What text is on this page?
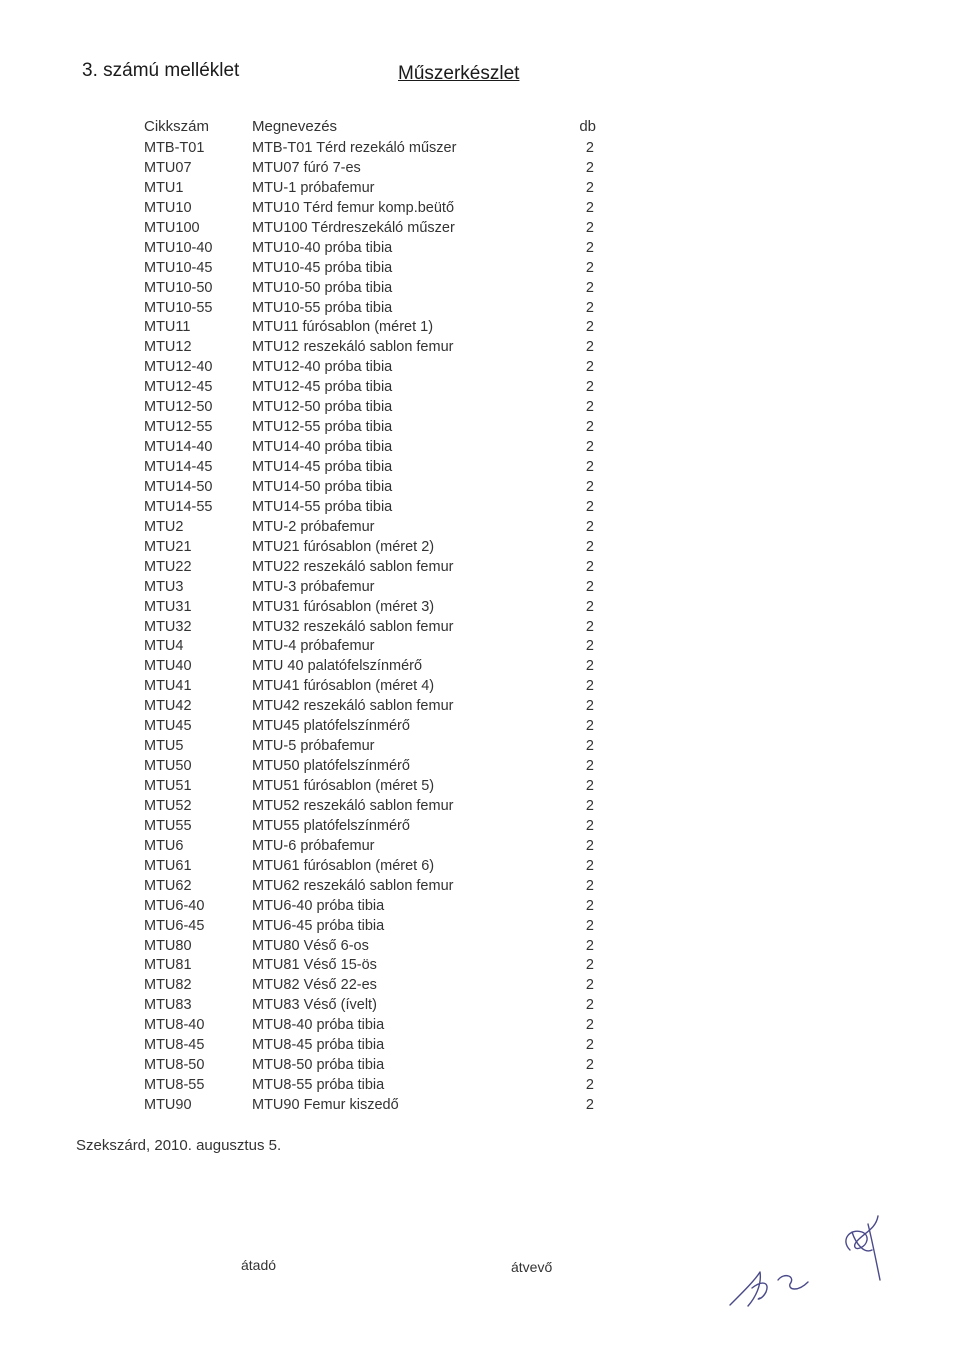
3. számú melléklet	Műszerkészlet
Cikkszám	Megnevezés	db
MTB-T01	MTB-T01 Térd rezekáló műszer	2
MTU07	MTU07 fúró 7-es	2
MTU1	MTU-1 próbafemur	2
MTU10	MTU10 Térd femur komp.beütő	2
MTU100	MTU100 Térdreszekáló műszer	2
MTU10-40	MTU10-40 próba tibia	2
MTU10-45	MTU10-45 próba tibia	2
MTU10-50	MTU10-50 próba tibia	2
MTU10-55	MTU10-55 próba tibia	2
MTU11	MTU11 fúrósablon (méret 1)	2
MTU12	MTU12 reszekáló sablon femur	2
MTU12-40	MTU12-40 próba tibia	2
MTU12-45	MTU12-45 próba tibia	2
MTU12-50	MTU12-50 próba tibia	2
MTU12-55	MTU12-55 próba tibia	2
MTU14-40	MTU14-40 próba tibia	2
MTU14-45	MTU14-45 próba tibia	2
MTU14-50	MTU14-50 próba tibia	2
MTU14-55	MTU14-55 próba tibia	2
MTU2	MTU-2 próbafemur	2
MTU21	MTU21 fúrósablon (méret 2)	2
MTU22	MTU22 reszekáló sablon femur	2
MTU3	MTU-3 próbafemur	2
MTU31	MTU31 fúrósablon (méret 3)	2
MTU32	MTU32 reszekáló sablon femur	2
MTU4	MTU-4 próbafemur	2
MTU40	MTU 40 palatófelszínmérő	2
MTU41	MTU41 fúrósablon (méret 4)	2
MTU42	MTU42 reszekáló sablon femur	2
MTU45	MTU45 platófelszínmérő	2
MTU5	MTU-5 próbafemur	2
MTU50	MTU50 platófelszínmérő	2
MTU51	MTU51 fúrósablon (méret 5)	2
MTU52	MTU52 reszekáló sablon femur	2
MTU55	MTU55 platófelszínmérő	2
MTU6	MTU-6 próbafemur	2
MTU61	MTU61 fúrósablon (méret 6)	2
MTU62	MTU62 reszekáló sablon femur	2
MTU6-40	MTU6-40 próba tibia	2
MTU6-45	MTU6-45 próba tibia	2
MTU80	MTU80 Véső 6-os	2
MTU81	MTU81 Véső 15-ös	2
MTU82	MTU82 Véső 22-es	2
MTU83	MTU83 Véső (ívelt)	2
MTU8-40	MTU8-40 próba tibia	2
MTU8-45	MTU8-45 próba tibia	2
MTU8-50	MTU8-50 próba tibia	2
MTU8-55	MTU8-55 próba tibia	2
MTU90	MTU90 Femur kiszedő	2
Szekszárd, 2010. augusztus 5.
átadó	átvevő
